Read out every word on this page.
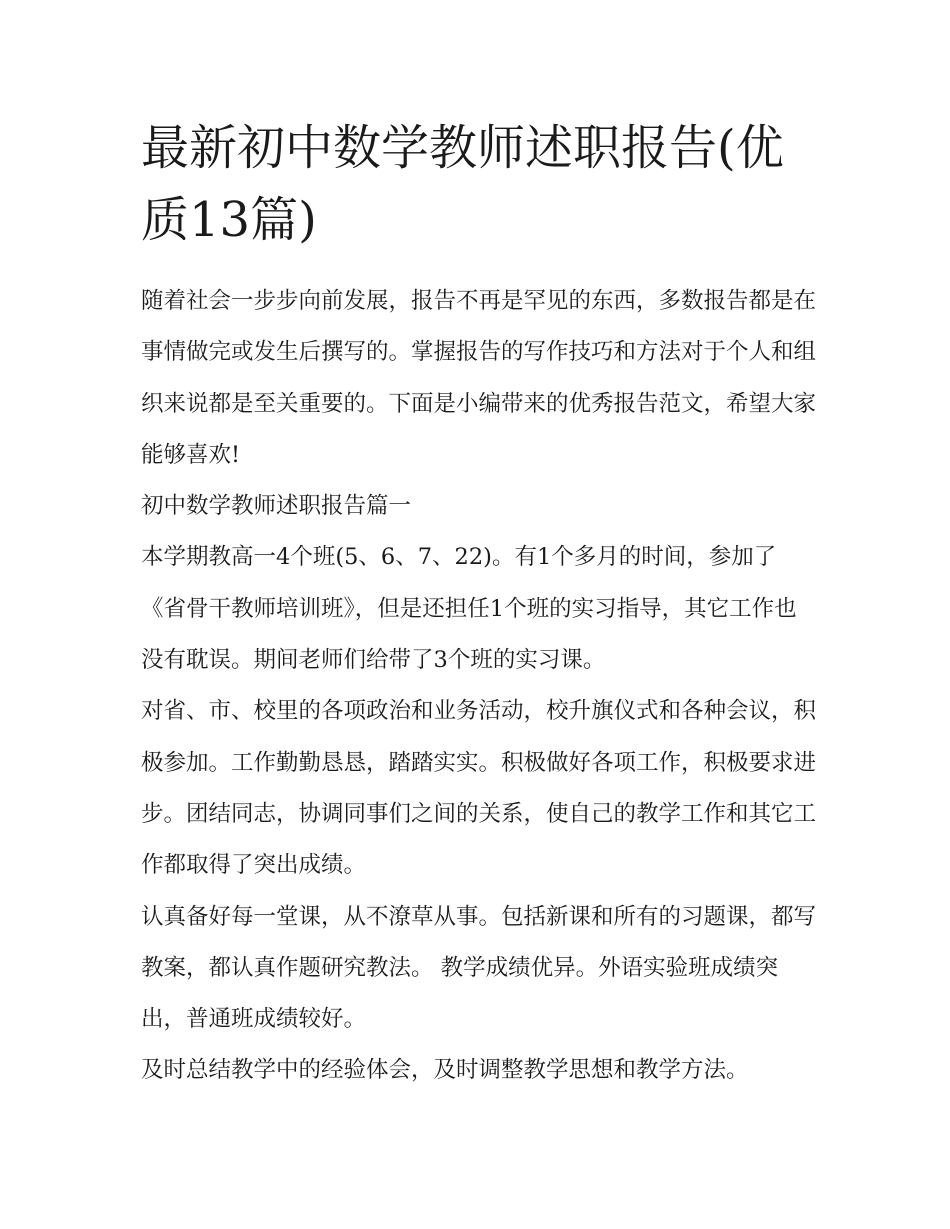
最新初中数学教师述职报告(优质13篇)

随着社会一步步向前发展，报告不再是罕见的东西，多数报告都是在事情做完或发生后撰写的。掌握报告的写作技巧和方法对于个人和组织来说都是至关重要的。下面是小编带来的优秀报告范文，希望大家能够喜欢!

初中数学教师述职报告篇一

本学期教高一4个班(5、6、7、22)。有1个多月的时间，参加了《省骨干教师培训班》，但是还担任1个班的实习指导，其它工作也没有耽误。期间老师们给带了3个班的实习课。

对省、市、校里的各项政治和业务活动，校升旗仪式和各种会议，积极参加。工作勤勤恳恳，踏踏实实。积极做好各项工作，积极要求进步。团结同志，协调同事们之间的关系，使自己的教学工作和其它工作都取得了突出成绩。

认真备好每一堂课，从不潦草从事。包括新课和所有的习题课，都写教案，都认真作题研究教法。 教学成绩优异。外语实验班成绩突出，普通班成绩较好。

及时总结教学中的经验体会，及时调整教学思想和教学方法。
